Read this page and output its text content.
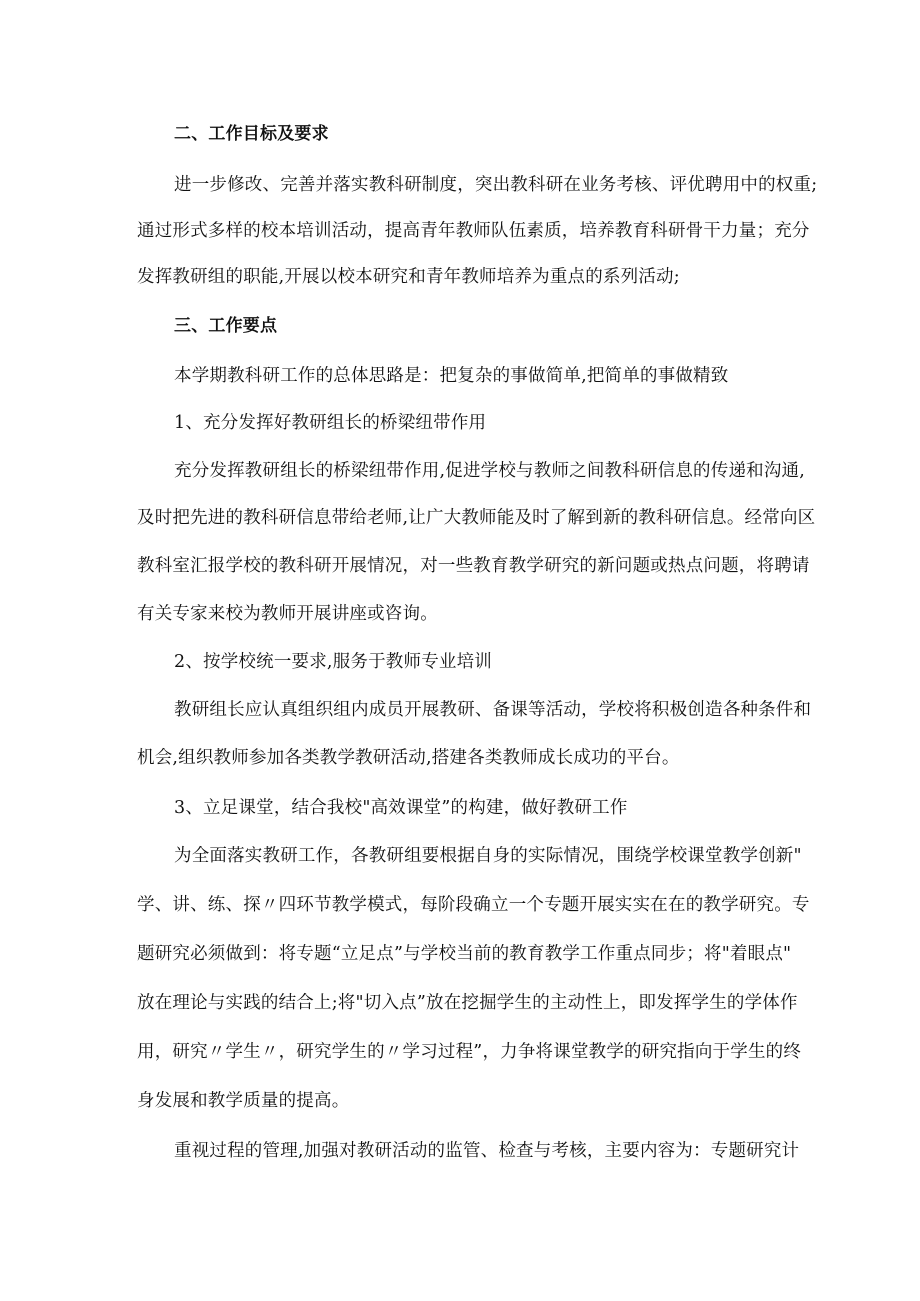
二、工作目标及要求
进一步修改、完善并落实教科研制度，突出教科研在业务考核、评优聘用中的权重;
通过形式多样的校本培训活动，提高青年教师队伍素质，培养教育科研骨干力量；充分
发挥教研组的职能,开展以校本研究和青年教师培养为重点的系列活动;
三、工作要点
本学期教科研工作的总体思路是：把复杂的事做简单,把简单的事做精致
1、充分发挥好教研组长的桥梁纽带作用
充分发挥教研组长的桥梁纽带作用,促进学校与教师之间教科研信息的传递和沟通,
及时把先进的教科研信息带给老师,让广大教师能及时了解到新的教科研信息。经常向区
教科室汇报学校的教科研开展情况，对一些教育教学研究的新问题或热点问题，将聘请
有关专家来校为教师开展讲座或咨询。
2、按学校统一要求,服务于教师专业培训
教研组长应认真组织组内成员开展教研、备课等活动，学校将积极创造各种条件和
机会,组织教师参加各类教学教研活动,搭建各类教师成长成功的平台。
3、立足课堂，结合我校"高效课堂”的构建，做好教研工作
为全面落实教研工作，各教研组要根据自身的实际情况，围绕学校课堂教学创新"
学、讲、练、探〃四环节教学模式，每阶段确立一个专题开展实实在在的教学研究。专
题研究必须做到：将专题“立足点”与学校当前的教育教学工作重点同步；将"着眼点"
放在理论与实践的结合上;将"切入点”放在挖掘学生的主动性上，即发挥学生的学体作
用，研究〃学生〃，研究学生的〃学习过程”，力争将课堂教学的研究指向于学生的终
身发展和教学质量的提高。
重视过程的管理,加强对教研活动的监管、检查与考核，主要内容为：专题研究计
